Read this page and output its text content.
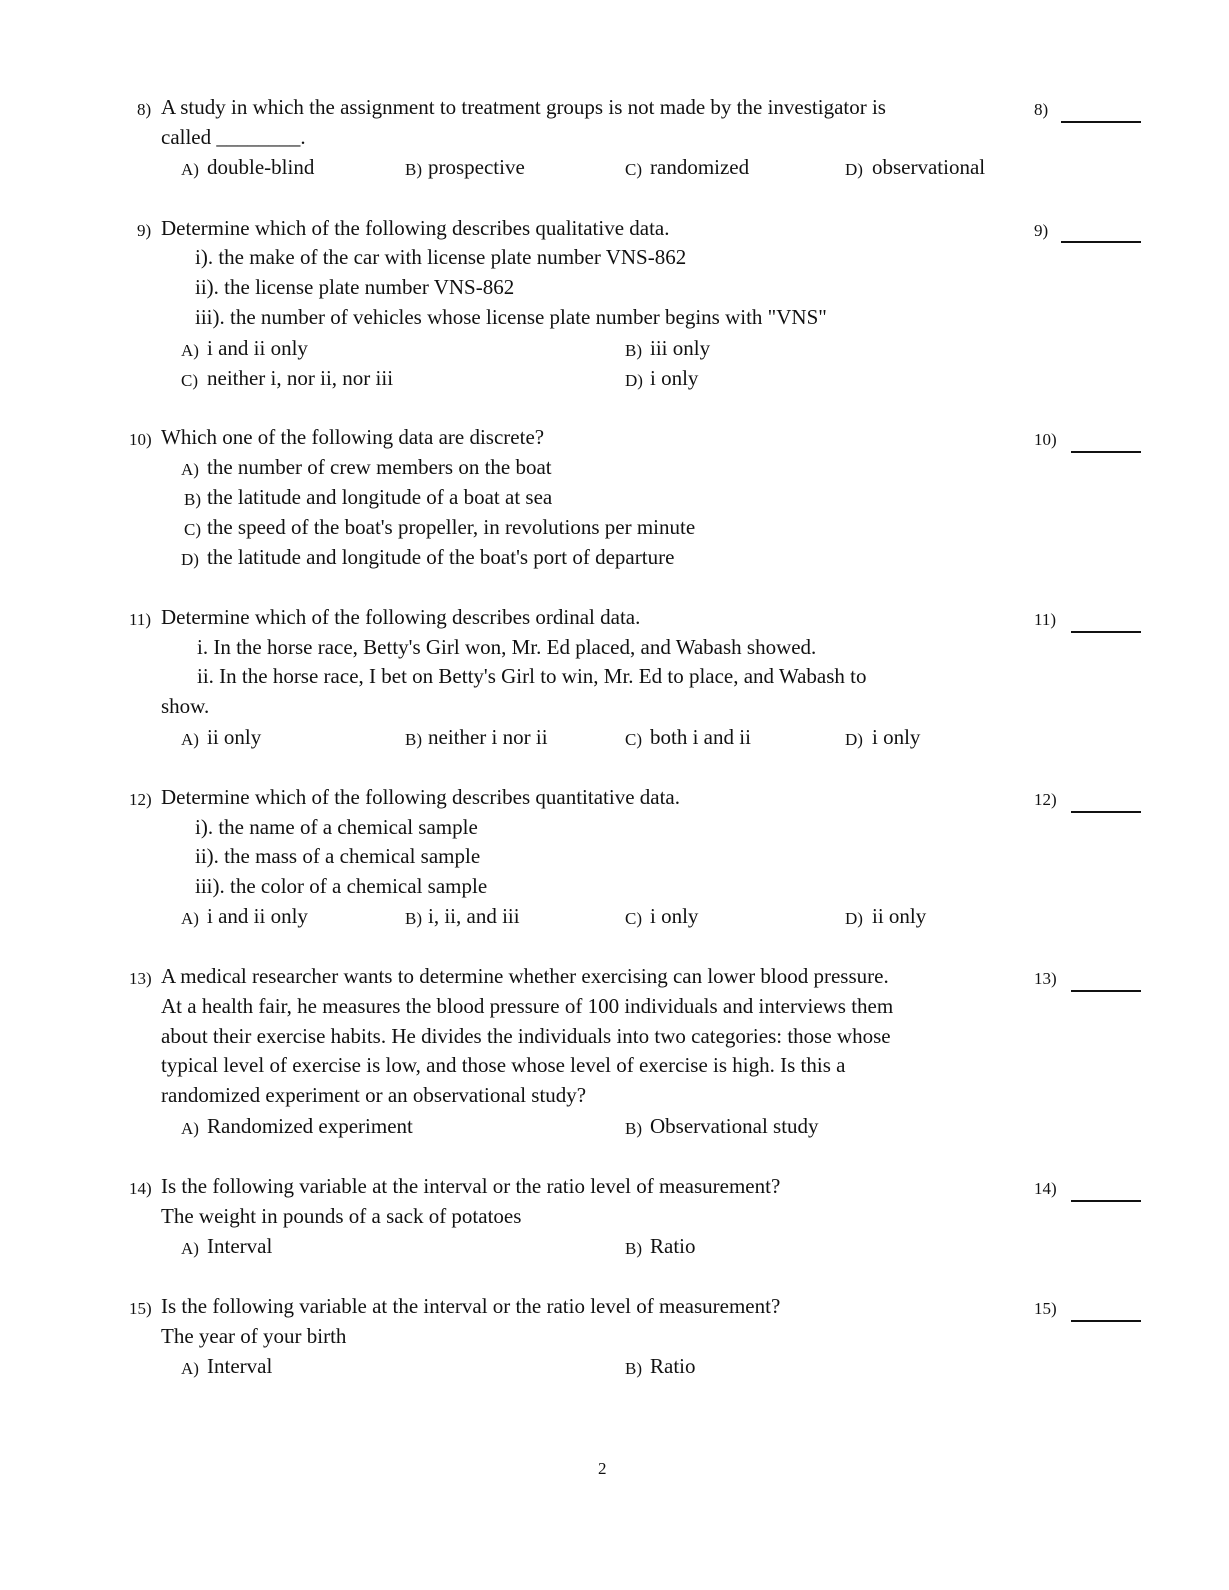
8) A study in which the assignment to treatment groups is not made by the investigator is
called ________.
A) double-blind	B) prospective	C) randomized	D) observational
8)
9) Determine which of the following describes qualitative data.
i). the make of the car with license plate number VNS-862
ii). the license plate number VNS-862
iii). the number of vehicles whose license plate number begins with "VNS"
A) i and ii only	B) iii only
C) neither i, nor ii, nor iii	D) i only
9)
10) Which one of the following data are discrete?
A) the number of crew members on the boat
B) the latitude and longitude of a boat at sea
C) the speed of the boat's propeller, in revolutions per minute
D) the latitude and longitude of the boat's port of departure
10)
11) Determine which of the following describes ordinal data.
i. In the horse race, Betty's Girl won, Mr. Ed placed, and Wabash showed.
ii. In the horse race, I bet on Betty's Girl to win, Mr. Ed to place, and Wabash to
show.
A) ii only	B) neither i nor ii	C) both i and ii	D) i only
11)
12) Determine which of the following describes quantitative data.
i). the name of a chemical sample
ii). the mass of a chemical sample
iii). the color of a chemical sample
A) i and ii only	B) i, ii, and iii	C) i only	D) ii only
12)
13) A medical researcher wants to determine whether exercising can lower blood pressure.
At a health fair, he measures the blood pressure of 100 individuals and interviews them
about their exercise habits. He divides the individuals into two categories: those whose
typical level of exercise is low, and those whose level of exercise is high. Is this a
randomized experiment or an observational study?
A) Randomized experiment	B) Observational study
13)
14) Is the following variable at the interval or the ratio level of measurement?
The weight in pounds of a sack of potatoes
A) Interval	B) Ratio
14)
15) Is the following variable at the interval or the ratio level of measurement?
The year of your birth
A) Interval	B) Ratio
15)
2
